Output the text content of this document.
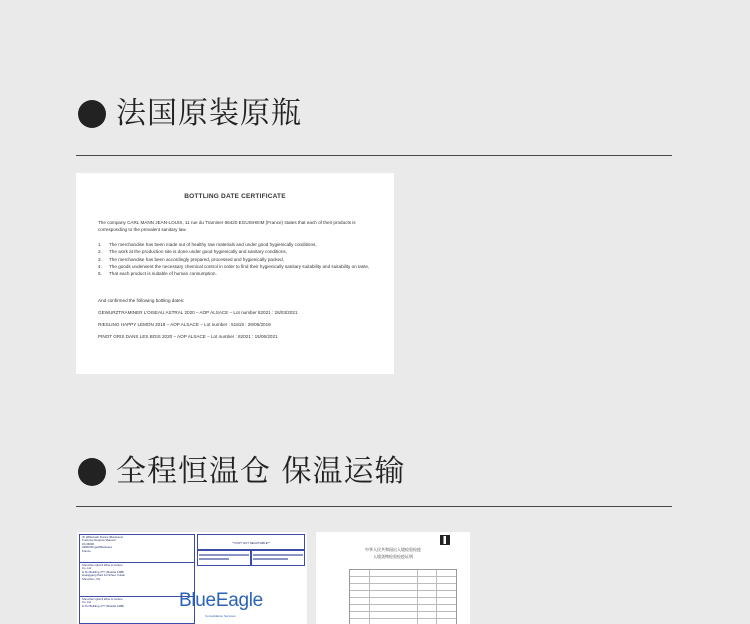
法国原装原瓶
BOTTLING DATE CERTIFICATE

The company CARL MANN JEAN-LOUIS, 11 rue du Traminer 68420 EGUISHEIM (France) states that each of their products is corresponding to the prevalent sanitary law.

1.	The merchandise has been made out of healthy raw materials and under good hygienically conditions,
2.	The work at the production site is done under good hygienically and sanitary conditions,
3.	The merchandise has been accordingly prepared, processed and hygienically packed,
4.	The goods underwent the necessary chemical control in order to find their hygienically sanitary suitability and suitability on taste,
5.	That each product is suitable of human consumption.
And confirmed the following bottling dates:
GEWURZTRAMINER L'OISEAU ASTRAL 2020 – AOP ALSACE – Lot number 82021 : 26/03/2021
RIESLING HAPPY LEMON 2018 – AOP ALSACE – Lot number : 51819 : 29/06/2019
PINOT GRIS DANS LES BOIS 2020 – AOP ALSACE – Lot number : 62021 : 15/06/2021
全程恒温仓 保温运输
JF Wildsmark France (Bordeaux)
5 avenue Neptune Mauvert
ZA 33000
33000 Bruges/Bordeaux
France
Shenzhen Qian'li Wine & Culture
Co. Ltd
& Xin Building 1?? (Shasha 1388)
Huanggang Park 1st Street, Futian
Shenzhen, CN
Shenzhen Qian'li Wine & Culture
Co. Ltd
& Xin Building 1?? (Shasha 1388)
**COPY NOT NEGOTIABLE**
BlueEagle
Consolidation Services
中华人民共和国出入境检验检疫
入境货物检验检疫证明
